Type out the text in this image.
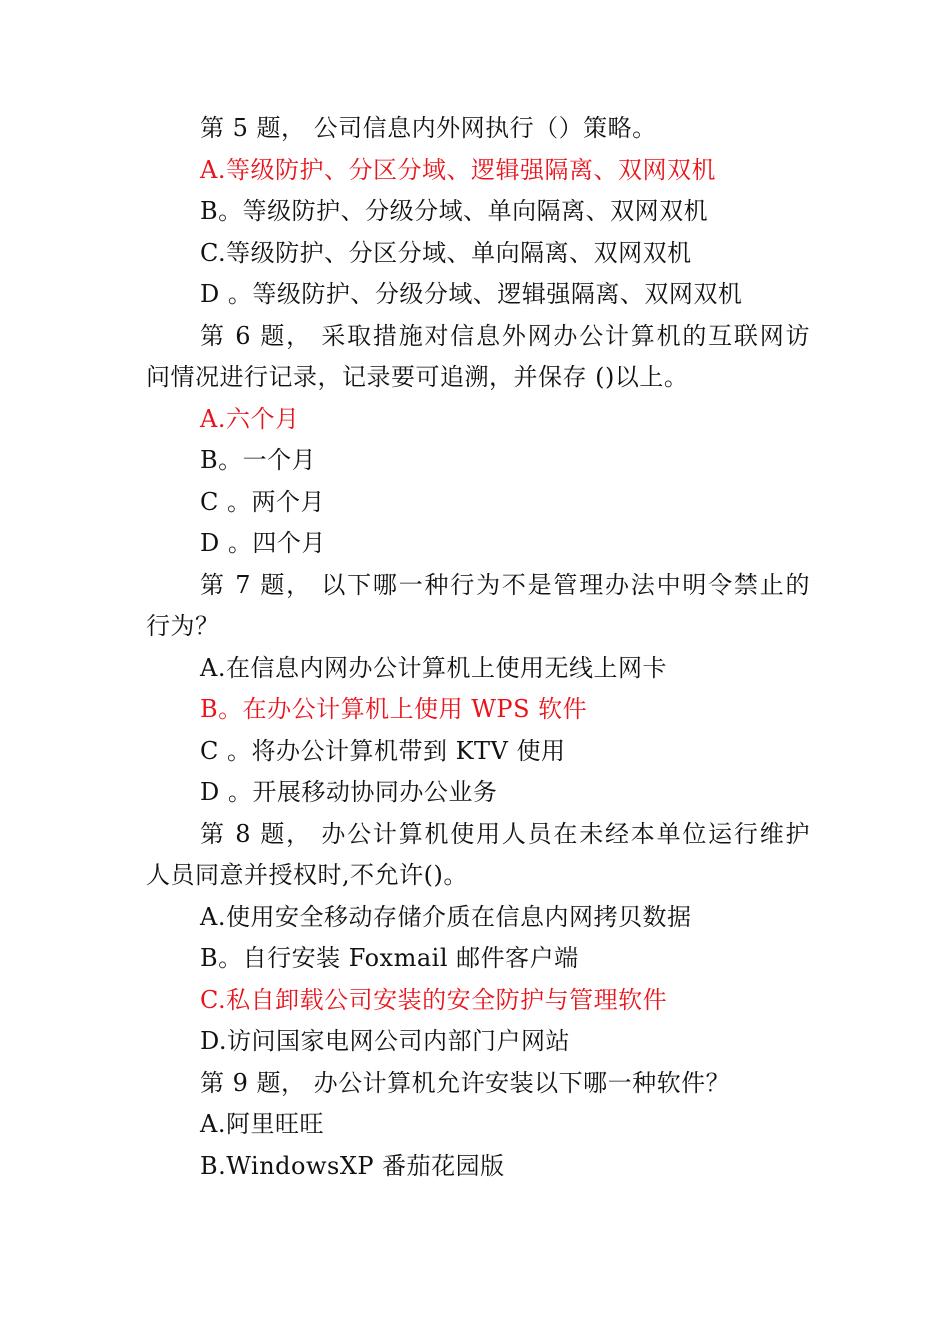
第 5 题， 公司信息内外网执行（）策略。
A.等级防护、分区分域、逻辑强隔离、双网双机
B。等级防护、分级分域、单向隔离、双网双机
C.等级防护、分区分域、单向隔离、双网双机
D 。等级防护、分级分域、逻辑强隔离、双网双机
第 6 题， 采取措施对信息外网办公计算机的互联网访
问情况进行记录，记录要可追溯，并保存 ()以上。
A.六个月
B。一个月
C 。两个月
D 。四个月
第 7 题， 以下哪一种行为不是管理办法中明令禁止的
行为？
A.在信息内网办公计算机上使用无线上网卡
B。在办公计算机上使用 WPS 软件
C 。将办公计算机带到 KTV 使用
D 。开展移动协同办公业务
第 8 题， 办公计算机使用人员在未经本单位运行维护
人员同意并授权时,不允许()。
A.使用安全移动存储介质在信息内网拷贝数据
B。自行安装 Foxmail 邮件客户端
C.私自卸载公司安装的安全防护与管理软件
D.访问国家电网公司内部门户网站
第 9 题， 办公计算机允许安装以下哪一种软件？
A.阿里旺旺
B.WindowsXP 番茄花园版
